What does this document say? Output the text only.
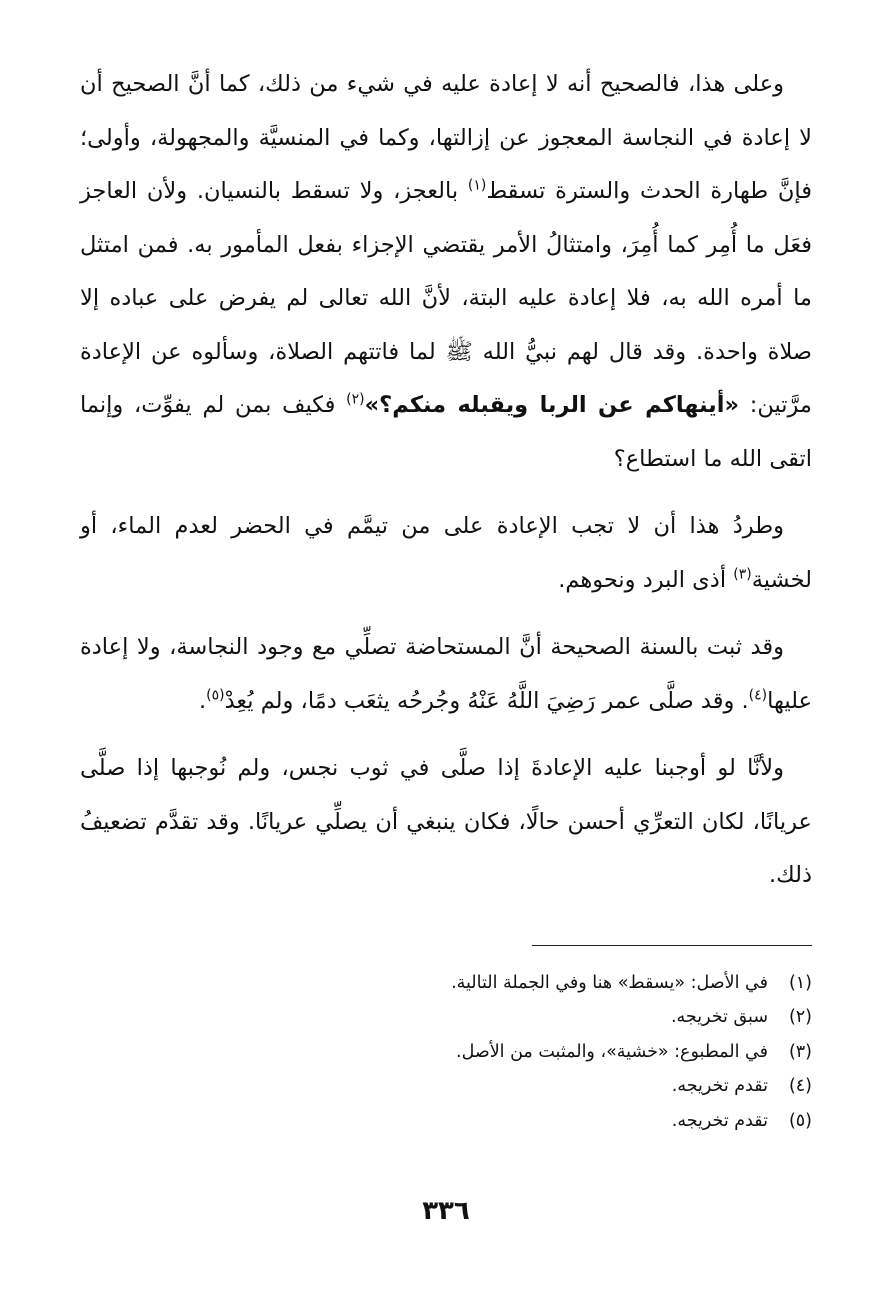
وعلى هذا، فالصحيح أنه لا إعادة عليه في شيء من ذلك، كما أنَّ الصحيح أن لا إعادة في النجاسة المعجوز عن إزالتها، وكما في المنسيَّة والمجهولة، وأولى؛ فإنَّ طهارة الحدث والسترة تسقط$^{(١)}$ بالعجز، ولا تسقط بالنسيان. ولأن العاجز فعَل ما أُمِر كما أُمِرَ، وامتثالُ الأمر يقتضي الإجزاء بفعل المأمور به. فمن امتثل ما أمره الله به، فلا إعادة عليه البتة، لأنَّ الله تعالى لم يفرض على عباده إلا صلاة واحدة. وقد قال لهم نبيُّ الله ﷺ لما فاتتهم الصلاة، وسألوه عن الإعادة مرَّتين: «أينهاكم عن الربا ويقبله منكم؟»$^{(٢)}$ فكيف بمن لم يفوِّت، وإنما اتقى الله ما استطاع؟

وطردُ هذا أن لا تجب الإعادة على من تيمَّم في الحضر لعدم الماء، أو لخشية$^{(٣)}$ أذى البرد ونحوهم.

وقد ثبت بالسنة الصحيحة أنَّ المستحاضة تصلِّي مع وجود النجاسة، ولا إعادة عليها$^{(٤)}$. وقد صلَّى عمر رَضِيَ اللَّهُ عَنْهُ وجُرحُه يثعَب دمًا، ولم يُعِدْ$^{(٥)}$.

ولأنَّا لو أوجبنا عليه الإعادةَ إذا صلَّى في ثوب نجس، ولم نُوجبها إذا صلَّى عريانًا، لكان التعرِّي أحسن حالًا، فكان ينبغي أن يصلِّي عريانًا. وقد تقدَّم تضعيفُ ذلك.

(١)
في الأصل: «يسقط» هنا وفي الجملة التالية.
(٢)
سبق تخريجه.
(٣)
في المطبوع: «خشية»، والمثبت من الأصل.
(٤)
تقدم تخريجه.
(٥)
تقدم تخريجه.
٣٣٦
